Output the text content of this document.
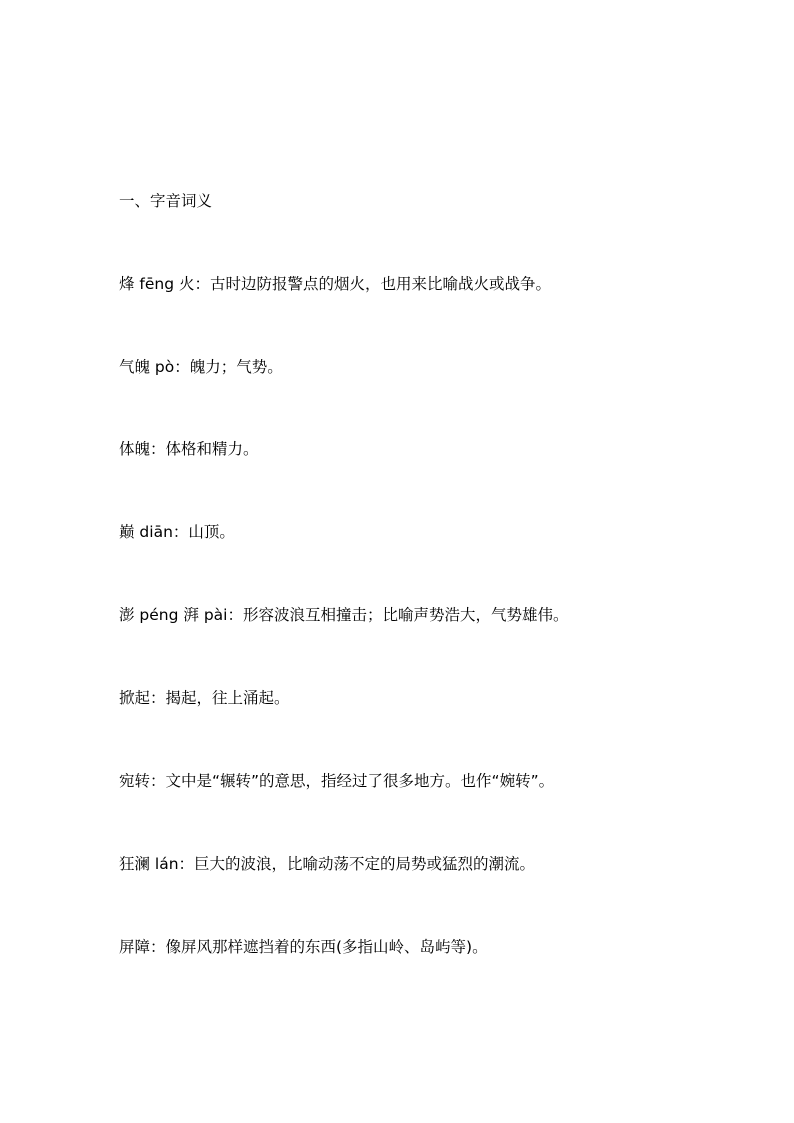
一、字音词义

烽 fēng 火：古时边防报警点的烟火，也用来比喻战火或战争。

气魄 pò：魄力；气势。

体魄：体格和精力。

巅 diān：山顶。

澎 péng 湃 pài：形容波浪互相撞击；比喻声势浩大，气势雄伟。

掀起：揭起，往上涌起。

宛转：文中是“辗转”的意思，指经过了很多地方。也作“婉转”。

狂澜 lán：巨大的波浪，比喻动荡不定的局势或猛烈的潮流。

屏障：像屏风那样遮挡着的东西(多指山岭、岛屿等)。
